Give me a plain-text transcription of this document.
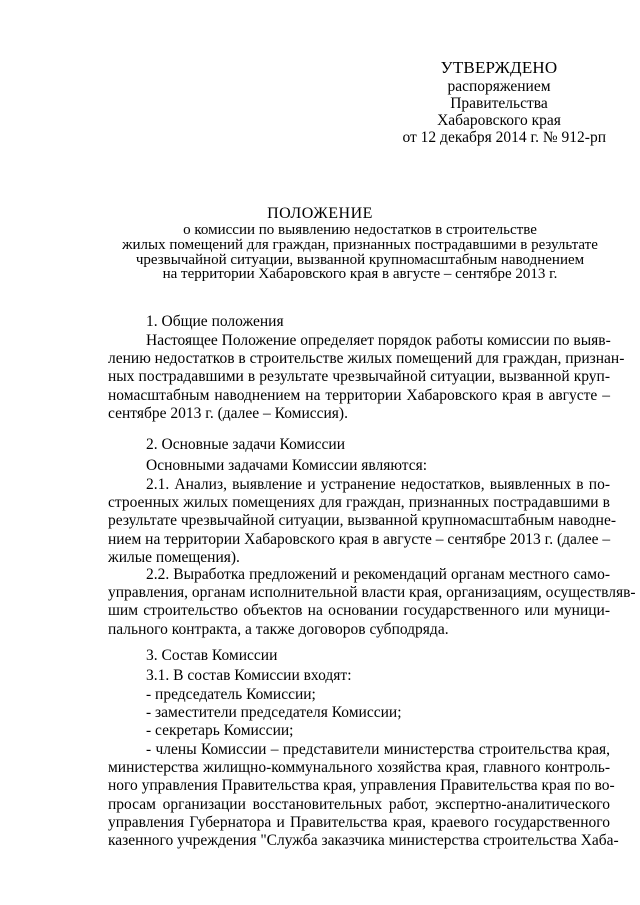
УТВЕРЖДЕНО
распоряжением
Правительства
Хабаровского края
от 12 декабря 2014 г. № 912-рп
ПОЛОЖЕНИЕ
о комиссии по выявлению недостатков в строительстве
жилых помещений для граждан, признанных пострадавшими в результате
чрезвычайной ситуации, вызванной крупномасштабным наводнением
на территории Хабаровского края в августе – сентябре 2013 г.
1. Общие положения
Настоящее Положение определяет порядок работы комиссии по выяв-
лению недостатков в строительстве жилых помещений для граждан, признан-
ных пострадавшими в результате чрезвычайной ситуации, вызванной круп-
номасштабным наводнением на территории Хабаровского края в августе –
сентябре 2013 г. (далее – Комиссия).
2. Основные задачи Комиссии
Основными задачами Комиссии являются:
2.1. Анализ, выявление и устранение недостатков, выявленных в по-
строенных жилых помещениях для граждан, признанных пострадавшими в
результате чрезвычайной ситуации, вызванной крупномасштабным наводне-
нием на территории Хабаровского края в августе – сентябре 2013 г. (далее –
жилые помещения).
2.2. Выработка предложений и рекомендаций органам местного само-
управления, органам исполнительной власти края, организациям, осуществляв-
шим строительство объектов на основании государственного или муници-
пального контракта, а также договоров субподряда.
3. Состав Комиссии
3.1. В состав Комиссии входят:
- председатель Комиссии;
- заместители председателя Комиссии;
- секретарь Комиссии;
- члены Комиссии – представители министерства строительства края,
министерства жилищно-коммунального хозяйства края, главного контроль-
ного управления Правительства края, управления Правительства края по во-
просам организации восстановительных работ, экспертно-аналитического
управления Губернатора и Правительства края, краевого государственного
казенного учреждения "Служба заказчика министерства строительства Хаба-
